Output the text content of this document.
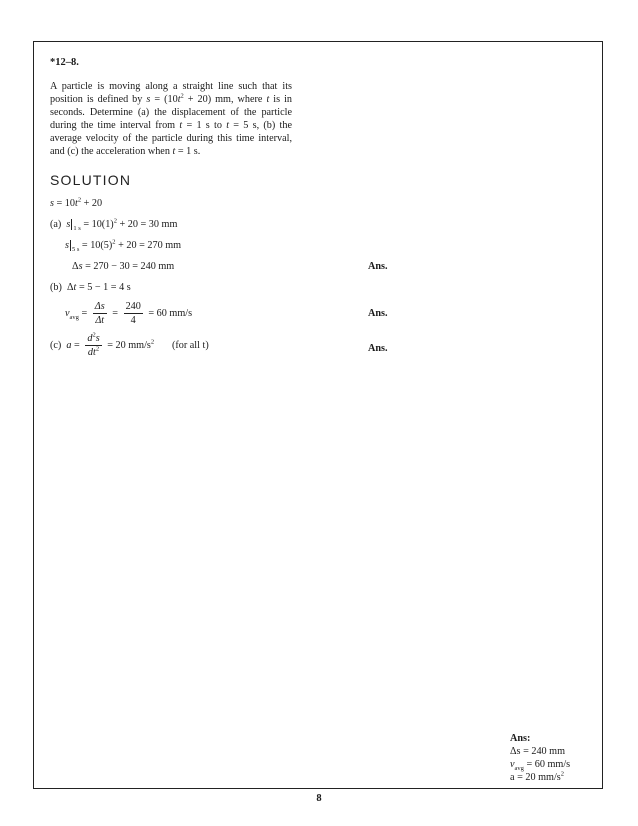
*12–8.
A particle is moving along a straight line such that its position is defined by $s = (10t^2 + 20)$ mm, where t is in seconds. Determine (a) the displacement of the particle during the time interval from t = 1 s to t = 5 s, (b) the average velocity of the particle during this time interval, and (c) the acceleration when t = 1 s.
SOLUTION
$s = 10t^2 + 20$
(a) s $_{1 s} = 10(1)^2 + 20 = 30$ mm
s $_{5 s} = 10(5)^2 + 20 = 270$ mm
Δs = 270 − 30 = 240 mm	Ans.
(b) Δt = 5 − 1 = 4 s
$v_{avg} = \frac{\Delta s}{\Delta t} = \frac{240}{4} = 60$ mm/s	Ans.
(c) $a = \frac{d^2s}{dt^2} = 20$ $mm/s^2$ (for all t)	Ans.
Ans:
Δs = 240 mm
$v_{avg} = 60$ mm/s
a = 20 $mm/s^2$
8
